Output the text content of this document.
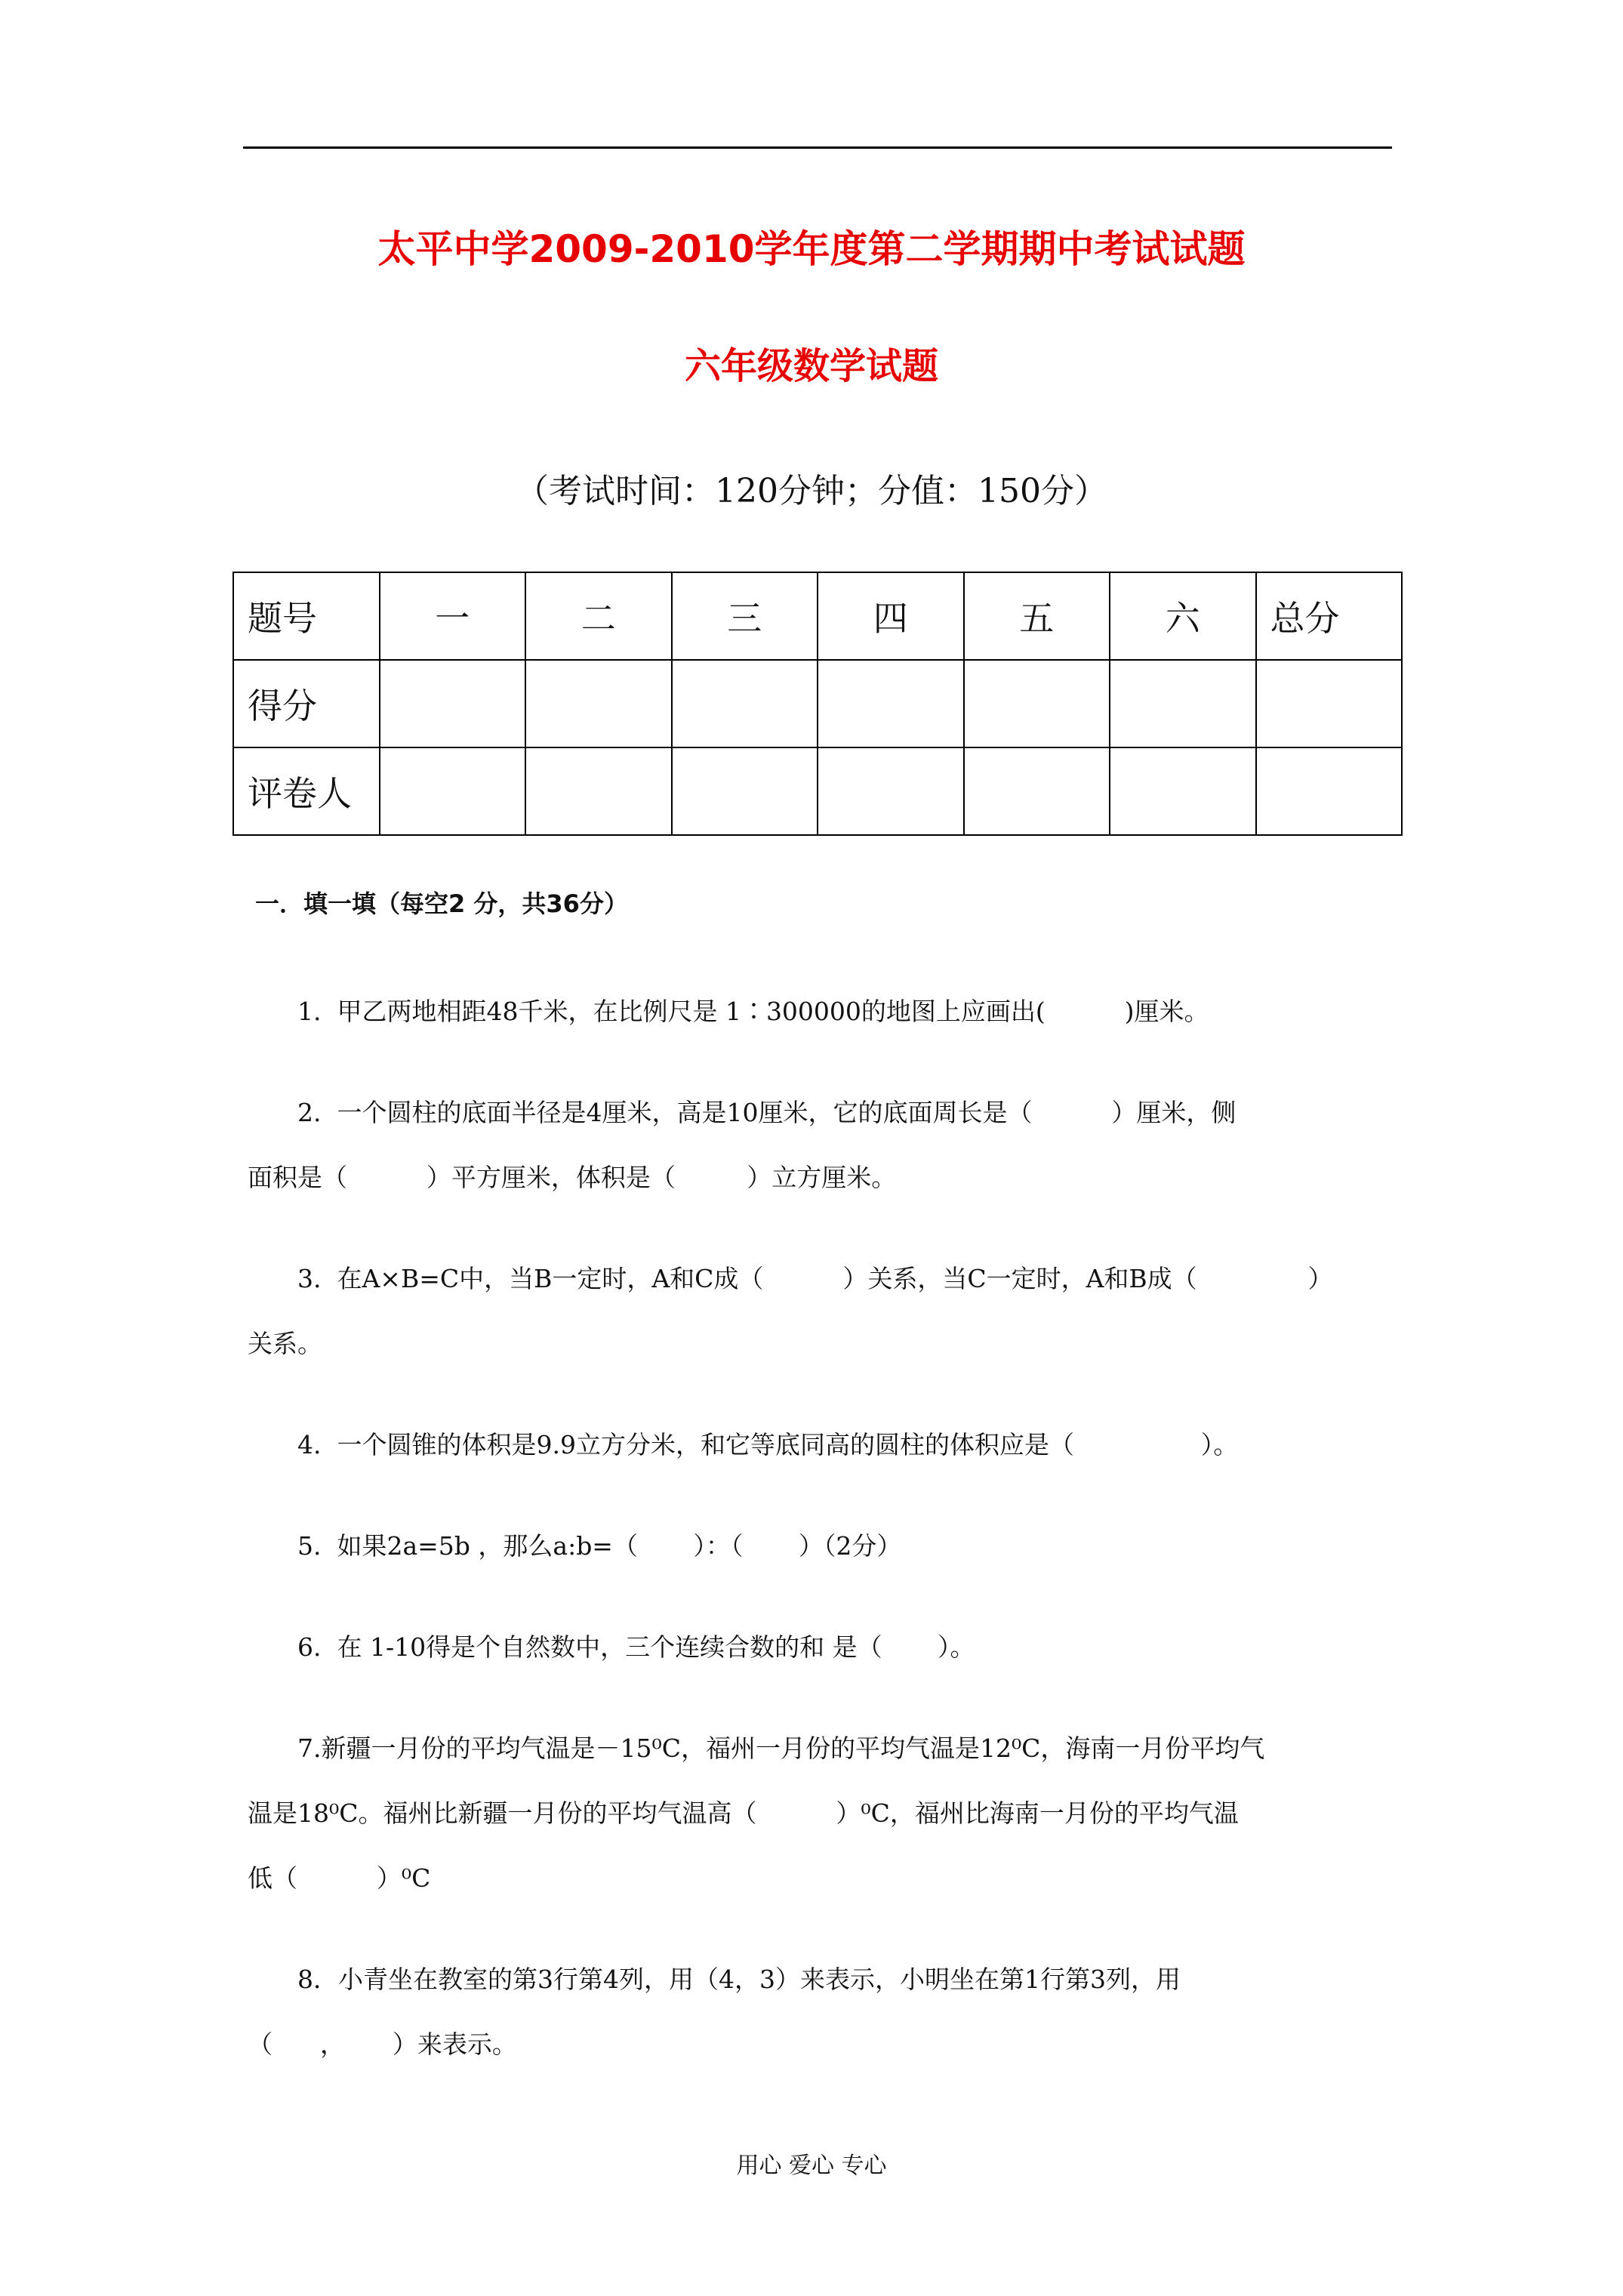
太平中学2009-2010学年度第二学期期中考试试题
六年级数学试题
（考试时间：120分钟；分值：150分）
题号	一	二	三	四	五	六	总分
得分							
评卷人							
一．填一填（每空2 分，共36分）
1.  甲乙两地相距48千米，在比例尺是 1∶300000的地图上应画出(          )厘米。
2.  一个圆柱的底面半径是4厘米，高是10厘米，它的底面周长是（          ）厘米，侧
面积是（          ）平方厘米，体积是（         ）立方厘米。
3.  在A×B=C中，当B一定时，A和C成（          ）关系，当C一定时，A和B成（              ）
关系。
4.  一个圆锥的体积是9.9立方分米，和它等底同高的圆柱的体积应是（                ）。
5.  如果2a=5b ，那么a:b=（       ）：（       ）（2分）
6.  在 1-10得是个自然数中，三个连续合数的和 是（       ）。
7.新疆一月份的平均气温是－15⁰C，福州一月份的平均气温是12⁰C，海南一月份平均气
温是18⁰C。福州比新疆一月份的平均气温高（          ）⁰C，福州比海南一月份的平均气温
低（          ）⁰C
8．小青坐在教室的第3行第4列，用（4，3）来表示，小明坐在第1行第3列，用
（      ，      ）来表示。
用心 爱心 专心
